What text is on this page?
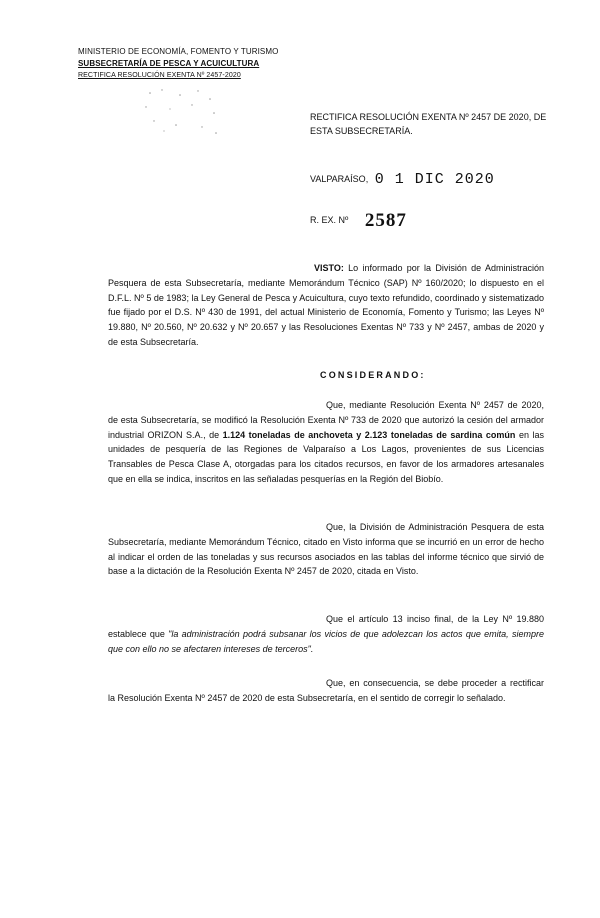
MINISTERIO DE ECONOMÍA, FOMENTO Y TURISMO
SUBSECRETARÍA DE PESCA Y ACUICULTURA
RECTIFICA RESOLUCIÓN EXENTA Nº 2457-2020
RECTIFICA RESOLUCIÓN EXENTA Nº 2457 DE 2020, DE ESTA SUBSECRETARÍA.
VALPARAÍSO, 0 1 DIC 2020
R. EX. Nº 2587
VISTO: Lo informado por la División de Administración Pesquera de esta Subsecretaría, mediante Memorándum Técnico (SAP) Nº 160/2020; lo dispuesto en el D.F.L. Nº 5 de 1983; la Ley General de Pesca y Acuicultura, cuyo texto refundido, coordinado y sistematizado fue fijado por el D.S. Nº 430 de 1991, del actual Ministerio de Economía, Fomento y Turismo; las Leyes Nº 19.880, Nº 20.560, Nº 20.632 y Nº 20.657 y las Resoluciones Exentas Nº 733 y Nº 2457, ambas de 2020 y de esta Subsecretaría.
CONSIDERANDO:
Que, mediante Resolución Exenta Nº 2457 de 2020, de esta Subsecretaría, se modificó la Resolución Exenta Nº 733 de 2020 que autorizó la cesión del armador industrial ORIZON S.A., de 1.124 toneladas de anchoveta y 2.123 toneladas de sardina común en las unidades de pesquería de las Regiones de Valparaíso a Los Lagos, provenientes de sus Licencias Transables de Pesca Clase A, otorgadas para los citados recursos, en favor de los armadores artesanales que en ella se indica, inscritos en las señaladas pesquerías en la Región del Biobío.
Que, la División de Administración Pesquera de esta Subsecretaría, mediante Memorándum Técnico, citado en Visto informa que se incurrió en un error de hecho al indicar el orden de las toneladas y sus recursos asociados en las tablas del informe técnico que sirvió de base a la dictación de la Resolución Exenta Nº 2457 de 2020, citada en Visto.
Que el artículo 13 inciso final, de la Ley Nº 19.880 establece que "la administración podrá subsanar los vicios de que adolezcan los actos que emita, siempre que con ello no se afectaren intereses de terceros".
Que, en consecuencia, se debe proceder a rectificar la Resolución Exenta Nº 2457 de 2020 de esta Subsecretaría, en el sentido de corregir lo señalado.
